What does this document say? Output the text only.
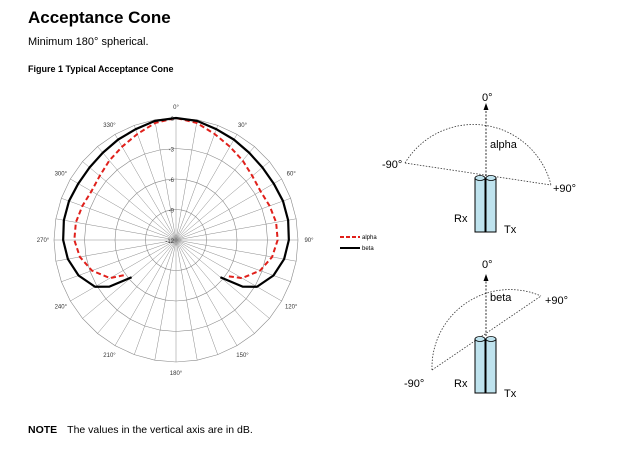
Acceptance Cone
Minimum 180° spherical.
Figure 1 Typical Acceptance Cone
0°
30°
60°
90°
120°
150°
180°
210°
240°
270°
300°
330°
0
-3
-6
-9
-12
alpha
beta
0°
-90°
+90°
alpha
Rx
Tx
0°
-90°
+90°
beta
Rx
Tx
NOTE The values in the vertical axis are in dB.
